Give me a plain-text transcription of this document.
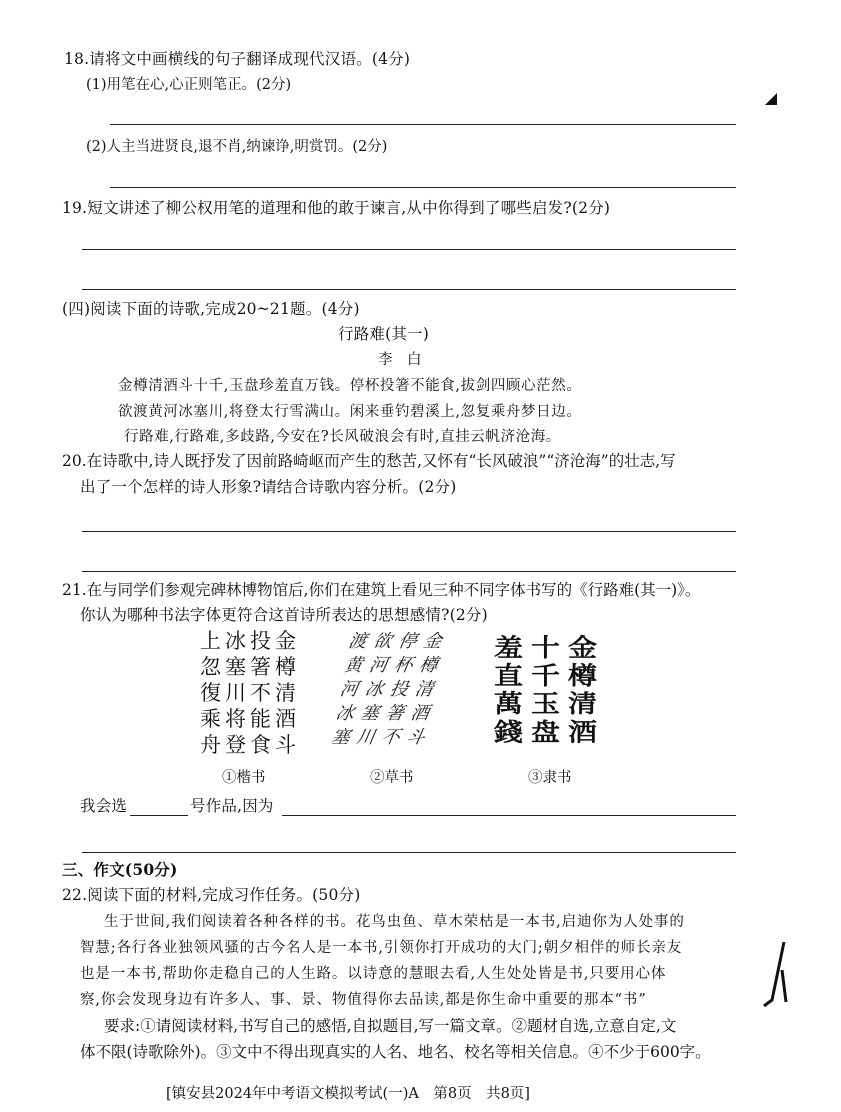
18.请将文中画横线的句子翻译成现代汉语。(4分)
(1)用笔在心,心正则笔正。(2分)
(2)人主当进贤良,退不肖,纳谏诤,明赏罚。(2分)
19.短文讲述了柳公权用笔的道理和他的敢于谏言,从中你得到了哪些启发?(2分)
(四)阅读下面的诗歌,完成20~21题。(4分)
行路难(其一)
李　白
金樽清酒斗十千,玉盘珍羞直万钱。停杯投箸不能食,拔剑四顾心茫然。
欲渡黄河冰塞川,将登太行雪满山。闲来垂钓碧溪上,忽复乘舟梦日边。
行路难,行路难,多歧路,今安在?长风破浪会有时,直挂云帆济沧海。
20.在诗歌中,诗人既抒发了因前路崎岖而产生的愁苦,又怀有“长风破浪”“济沧海”的壮志,写
出了一个怎样的诗人形象?请结合诗歌内容分析。(2分)
21.在与同学们参观完碑林博物馆后,你们在建筑上看见三种不同字体书写的《行路难(其一)》。
你认为哪种书法字体更符合这首诗所表达的思想感情?(2分)
上冰投金
忽塞箸樽
復川不清
乘将能酒
舟登食斗
①楷书
渡欲停金
黄河杯樽
河冰投清
冰塞箸酒
塞川不斗
②草书
羞十金
直千樽
萬玉清
錢盘酒
③隶书
我会选	号作品,因为
三、作文(50分)
22.阅读下面的材料,完成习作任务。(50分)
生于世间,我们阅读着各种各样的书。花鸟虫鱼、草木荣枯是一本书,启迪你为人处事的
智慧;各行各业独领风骚的古今名人是一本书,引领你打开成功的大门;朝夕相伴的师长亲友
也是一本书,帮助你走稳自己的人生路。以诗意的慧眼去看,人生处处皆是书,只要用心体
察,你会发现身边有许多人、事、景、物值得你去品读,都是你生命中重要的那本“书”
要求:①请阅读材料,书写自己的感悟,自拟题目,写一篇文章。②题材自选,立意自定,文
体不限(诗歌除外)。③文中不得出现真实的人名、地名、校名等相关信息。④不少于600字。
[镇安县2024年中考语文模拟考试(一)A　第8页　共8页]
